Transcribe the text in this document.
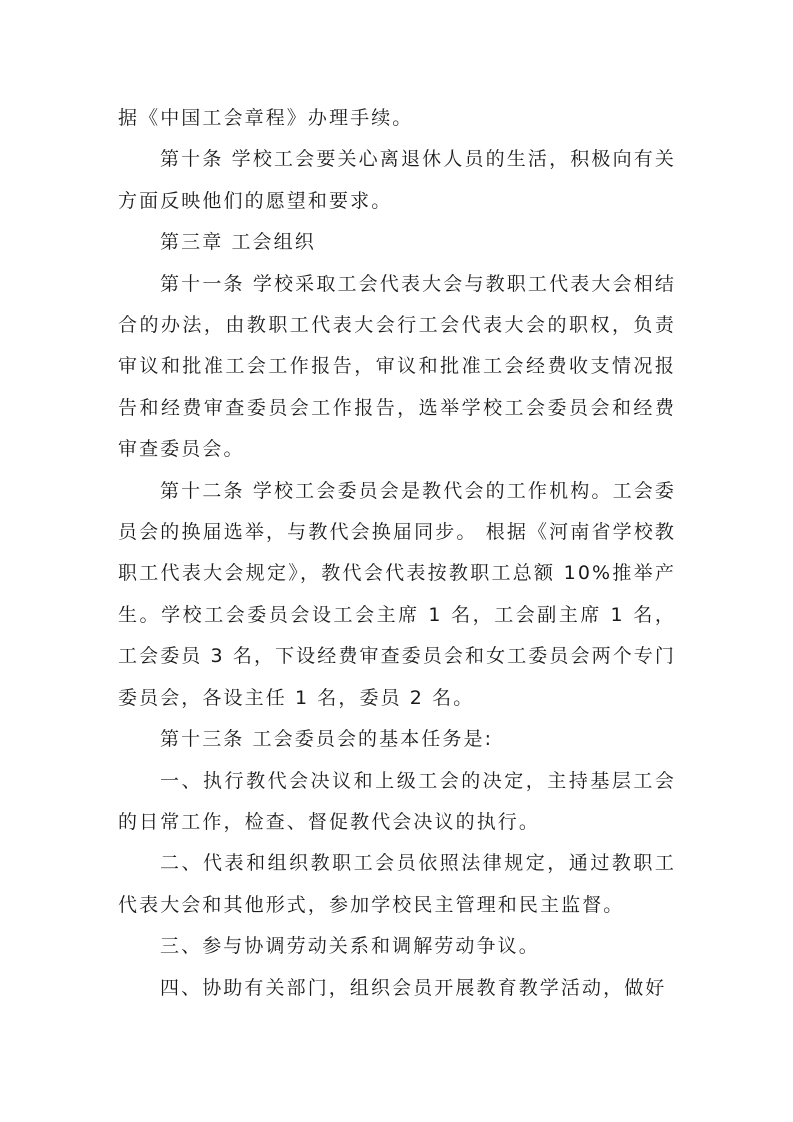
据《中国工会章程》办理手续。

第十条 学校工会要关心离退休人员的生活，积极向有关方面反映他们的愿望和要求。

第三章 工会组织

第十一条 学校采取工会代表大会与教职工代表大会相结合的办法，由教职工代表大会行工会代表大会的职权，负责审议和批准工会工作报告，审议和批准工会经费收支情况报告和经费审查委员会工作报告，选举学校工会委员会和经费审查委员会。

第十二条 学校工会委员会是教代会的工作机构。工会委员会的换届选举，与教代会换届同步。 根据《河南省学校教职工代表大会规定》，教代会代表按教职工总额 10%推举产生。学校工会委员会设工会主席 1 名，工会副主席 1 名，工会委员 3 名，下设经费审查委员会和女工委员会两个专门委员会，各设主任 1 名，委员 2 名。

第十三条 工会委员会的基本任务是:

一、执行教代会决议和上级工会的决定，主持基层工会的日常工作，检查、督促教代会决议的执行。

二、代表和组织教职工会员依照法律规定，通过教职工代表大会和其他形式，参加学校民主管理和民主监督。

三、参与协调劳动关系和调解劳动争议。

四、协助有关部门，组织会员开展教育教学活动，做好
